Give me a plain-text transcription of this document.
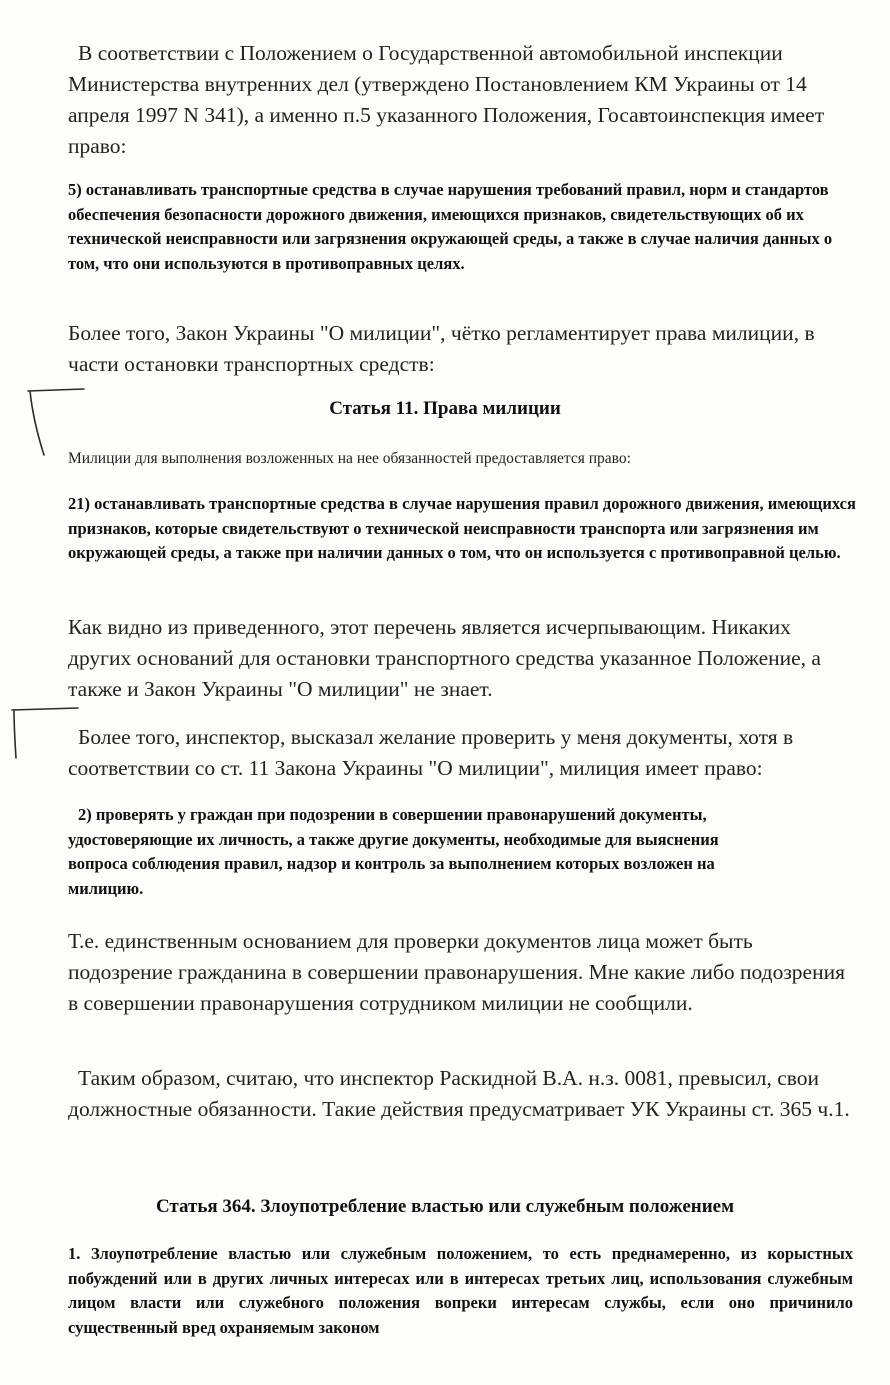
В соответствии с Положением о Государственной автомобильной инспекции Министерства внутренних дел (утверждено Постановлением КМ Украины от 14 апреля 1997 N 341), а именно п.5 указанного Положения, Госавтоинспекция имеет право:

5) останавливать транспортные средства в случае нарушения требований правил, норм и стандартов обеспечения безопасности дорожного движения, имеющихся признаков, свидетельствующих об их технической неисправности или загрязнения окружающей среды, а также в случае наличия данных о том, что они используются в противоправных целях.

Более того, Закон Украины "О милиции", чётко регламентирует права милиции, в части остановки транспортных средств:

Статья 11. Права милиции
Милиции для выполнения возложенных на нее обязанностей предоставляется право:

21) останавливать транспортные средства в случае нарушения правил дорожного движения, имеющихся признаков, которые свидетельствуют о технической неисправности транспорта или загрязнения им окружающей среды, а также при наличии данных о том, что он используется с противоправной целью.

Как видно из приведенного, этот перечень является исчерпывающим. Никаких других оснований для остановки транспортного средства указанное Положение, а также и Закон Украины "О милиции" не знает.

Более того, инспектор, высказал желание проверить у меня документы, хотя в соответствии со ст. 11 Закона Украины "О милиции", милиция имеет право:

2) проверять у граждан при подозрении в совершении правонарушений документы, удостоверяющие их личность, а также другие документы, необходимые для выяснения вопроса соблюдения правил, надзор и контроль за выполнением которых возложен на милицию.

Т.е. единственным основанием для проверки документов лица может быть подозрение гражданина в совершении правонарушения. Мне какие либо подозрения в совершении правонарушения сотрудником милиции не сообщили.

Таким образом, считаю, что инспектор Раскидной В.А. н.з. 0081, превысил, свои должностные обязанности. Такие действия предусматривает УК Украины ст. 365 ч.1.

Статья 364. Злоупотребление властью или служебным положением

1. Злоупотребление властью или служебным положением, то есть преднамеренно, из корыстных побуждений или в других личных интересах или в интересах третьих лиц, использования служебным лицом власти или служебного положения вопреки интересам службы, если оно причинило существенный вред охраняемым законом
